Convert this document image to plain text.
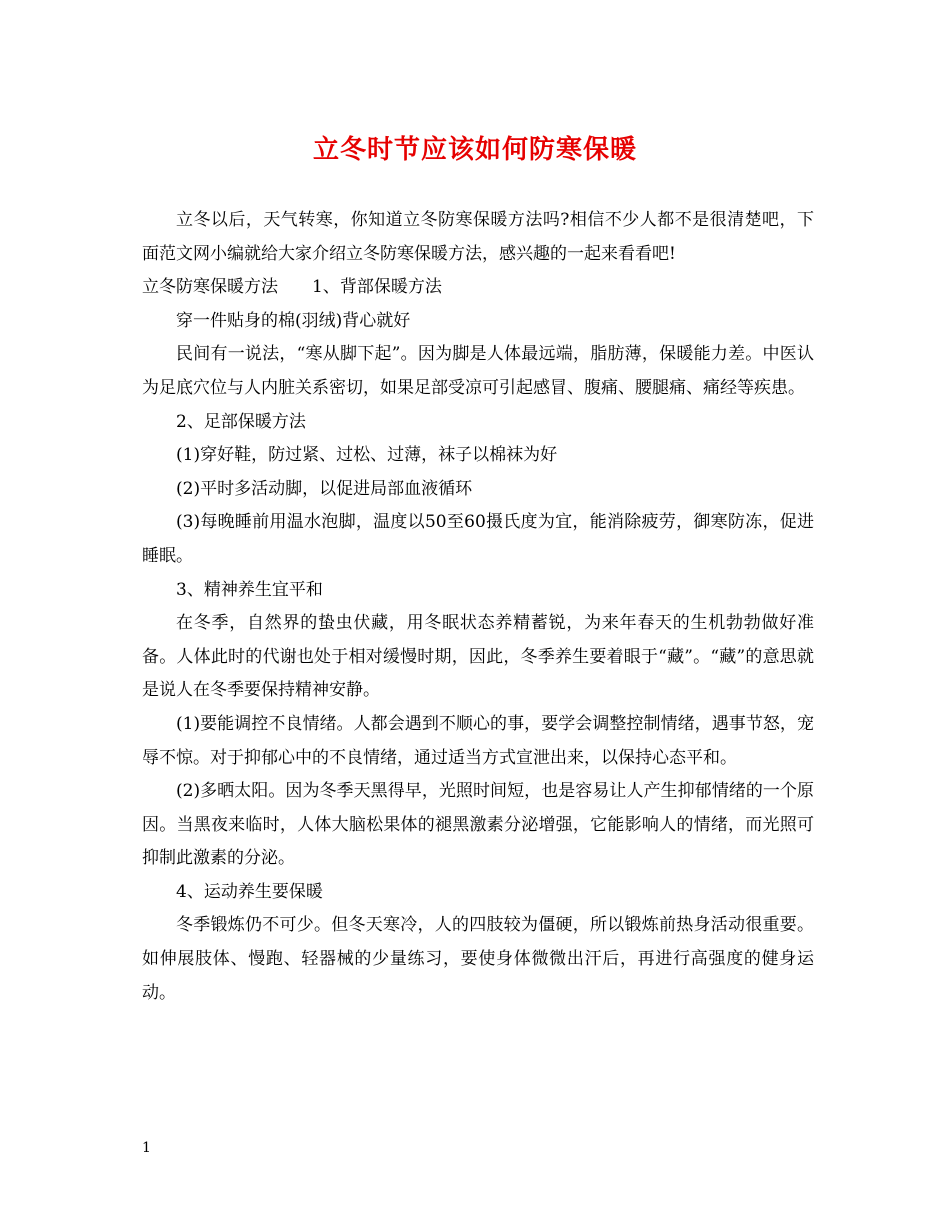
立冬时节应该如何防寒保暖

立冬以后，天气转寒，你知道立冬防寒保暖方法吗?相信不少人都不是很清楚吧，下面范文网小编就给大家介绍立冬防寒保暖方法，感兴趣的一起来看看吧!

立冬防寒保暖方法 1、背部保暖方法

穿一件贴身的棉(羽绒)背心就好

民间有一说法，“寒从脚下起”。因为脚是人体最远端，脂肪薄，保暖能力差。中医认为足底穴位与人内脏关系密切，如果足部受凉可引起感冒、腹痛、腰腿痛、痛经等疾患。

2、足部保暖方法

(1)穿好鞋，防过紧、过松、过薄，袜子以棉袜为好

(2)平时多活动脚，以促进局部血液循环

(3)每晚睡前用温水泡脚，温度以50至60摄氏度为宜，能消除疲劳，御寒防冻，促进睡眠。

3、精神养生宜平和

在冬季，自然界的蛰虫伏藏，用冬眠状态养精蓄锐，为来年春天的生机勃勃做好准备。人体此时的代谢也处于相对缓慢时期，因此，冬季养生要着眼于“藏”。“藏”的意思就是说人在冬季要保持精神安静。

(1)要能调控不良情绪。人都会遇到不顺心的事，要学会调整控制情绪，遇事节怒，宠辱不惊。对于抑郁心中的不良情绪，通过适当方式宣泄出来，以保持心态平和。

(2)多晒太阳。因为冬季天黑得早，光照时间短，也是容易让人产生抑郁情绪的一个原因。当黑夜来临时，人体大脑松果体的褪黑激素分泌增强，它能影响人的情绪，而光照可抑制此激素的分泌。

4、运动养生要保暖

冬季锻炼仍不可少。但冬天寒冷，人的四肢较为僵硬，所以锻炼前热身活动很重要。如伸展肢体、慢跑、轻器械的少量练习，要使身体微微出汗后，再进行高强度的健身运动。

1
